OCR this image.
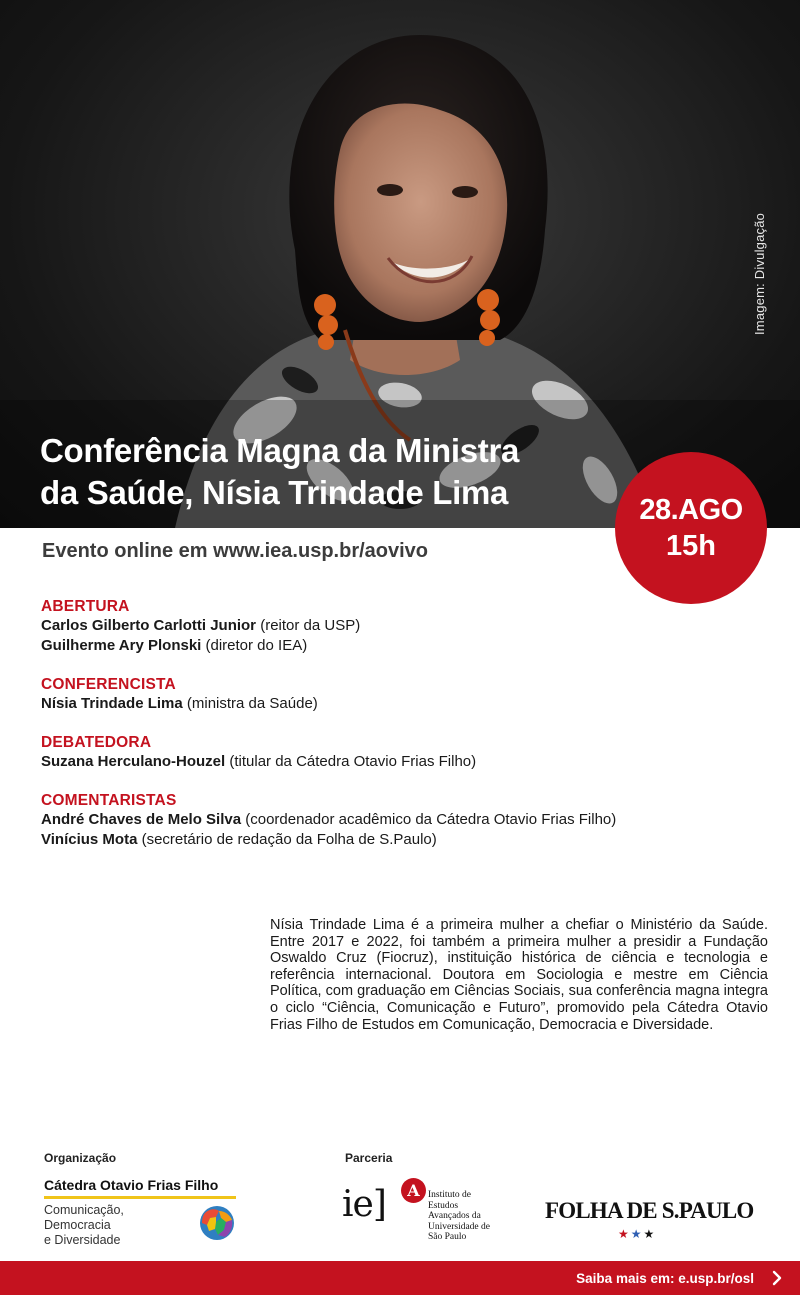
Imagem: Divulgação
Conferência Magna da Ministra
da Saúde, Nísia Trindade Lima	28.AGO
15h
Evento online em www.iea.usp.br/aovivo
ABERTURA
Carlos Gilberto Carlotti Junior (reitor da USP)
Guilherme Ary Plonski (diretor do IEA)
CONFERENCISTA
Nísia Trindade Lima (ministra da Saúde)
DEBATEDORA
Suzana Herculano-Houzel (titular da Cátedra Otavio Frias Filho)
COMENTARISTAS
André Chaves de Melo Silva (coordenador acadêmico da Cátedra Otavio Frias Filho)
Vinícius Mota (secretário de redação da Folha de S.Paulo)

Nísia Trindade Lima é a primeira mulher a chefiar o Ministério da Saúde. Entre 2017 e 2022, foi também a primeira mulher a presidir a Fundação Oswaldo Cruz (Fiocruz), instituição histórica de ciência e tecnologia e referência internacional. Doutora em Sociologia e mestre em Ciência Política, com graduação em Ciências Sociais, sua conferência magna integra o ciclo “Ciência, Comunicação e Futuro”, promovido pela Cátedra Otavio Frias Filho de Estudos em Comunicação, Democracia e Diversidade.

Organização
Cátedra Otavio Frias Filho
Comunicação,
Democracia
e Diversidade
Parceria
ie]	A Instituto de
Estudos
Avançados da
Universidade de
São Paulo
FOLHA DE S.PAULO
★★★
Saiba mais em: e.usp.br/osl
